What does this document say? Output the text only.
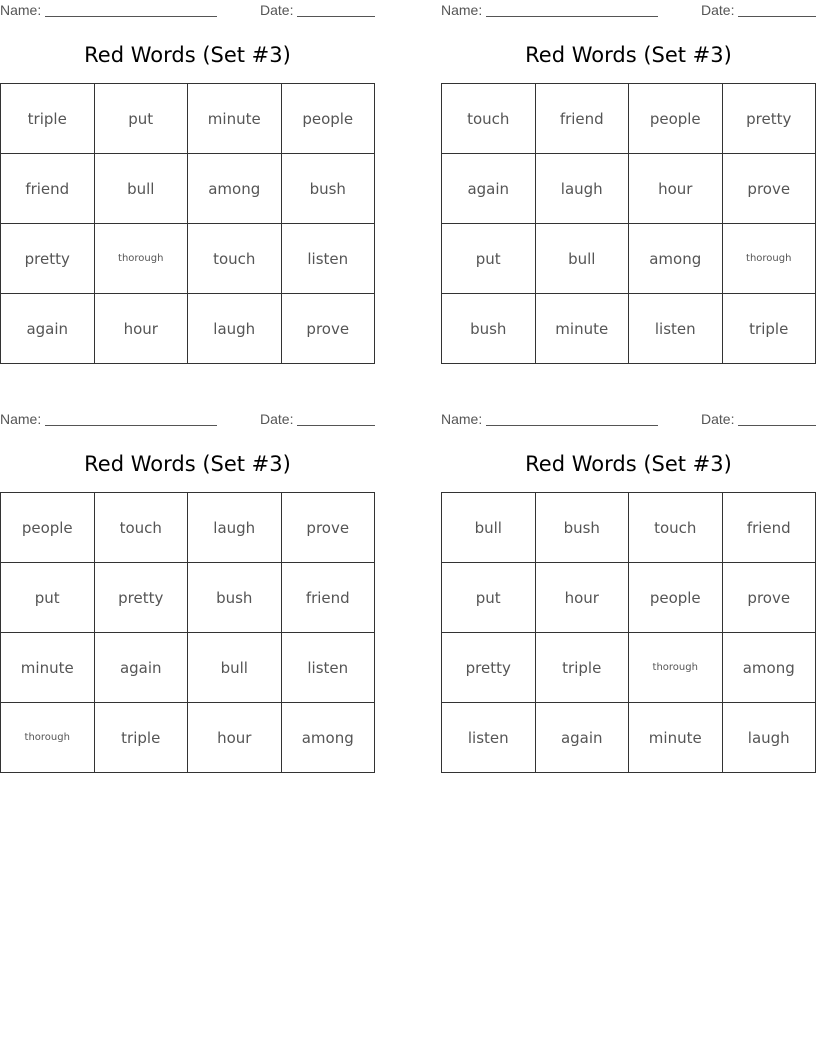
Name:	Date:
Red Words (Set #3)
triple	put	minute	people
friend	bull	among	bush
pretty	thorough	touch	listen
again	hour	laugh	prove
Name:	Date:
Red Words (Set #3)
touch	friend	people	pretty
again	laugh	hour	prove
put	bull	among	thorough
bush	minute	listen	triple
Name:	Date:
Red Words (Set #3)
people	touch	laugh	prove
put	pretty	bush	friend
minute	again	bull	listen
thorough	triple	hour	among
Name:	Date:
Red Words (Set #3)
bull	bush	touch	friend
put	hour	people	prove
pretty	triple	thorough	among
listen	again	minute	laugh
